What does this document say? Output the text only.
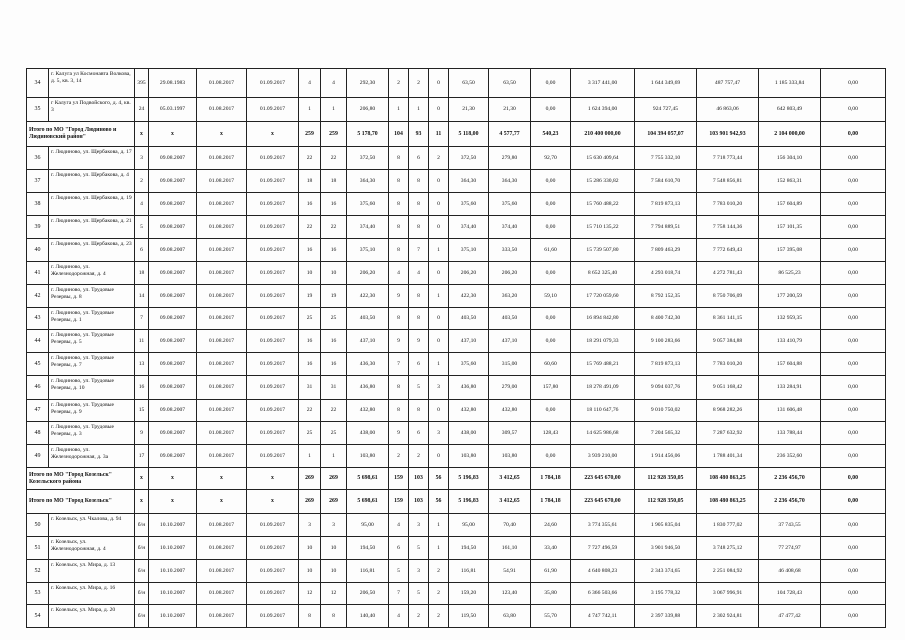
34	г. Калуга ул Космонавта Волкова, д. 5, кв. 3, 14	395	29.08.1983	01.08.2017	01.09.2017	4	4	292,30	2	2	0	63,50	63,50	0,00	3 317 441,00	1 644 349,69	487 757,47	1 185 333,84	0,00
35	г Калуга ул Подвойского, д. 4, кв. 3	24	05.03.1997	01.08.2017	01.09.2017	1	1	206,80	1	1	0	21,30	21,30	0,00	1 624 394,00	924 727,45	46 863,06	642 803,49	0,00
Итого по МО "Город Людиново и Людиновский район"		x	x	x	x	259	259	5 178,70	104	93	11	5 118,00	4 577,77	540,23	210 400 000,00	104 394 057,07	103 901 942,93	2 104 000,00	0,00
36	г. Людиново, ул. Щербакова, д. 17	3	09.08.2007	01.08.2017	01.09.2017	22	22	372,50	8	6	2	372,50	279,80	92,70	15 630 409,64	7 755 332,10	7 718 773,44	156 304,10	0,00
37	г. Людиново, ул. Щербакова, д. 4	2	09.08.2007	01.08.2017	01.09.2017	18	18	364,30	8	8	0	364,30	364,30	0,00	15 286 330,82	7 584 610,70	7 548 856,81	152 863,31	0,00
38	г. Людиново, ул. Щербакова, д. 19	4	09.08.2007	01.08.2017	01.09.2017	16	16	375,60	8	8	0	375,60	375,60	0,00	15 760 488,22	7 819 873,13	7 783 010,20	157 604,89	0,00
39	г. Людиново, ул. Щербакова, д. 21	5	09.08.2007	01.08.2017	01.09.2017	22	22	374,40	8	8	0	374,40	374,40	0,00	15 710 135,22	7 794 889,51	7 758 144,36	157 101,35	0,00
40	г. Людиново, ул. Щербакова, д. 23	6	09.08.2007	01.08.2017	01.09.2017	16	16	375,10	8	7	1	375,10	333,50	61,60	15 739 507,80	7 809 463,29	7 772 649,43	157 395,08	0,00
41	г. Людиново, ул. Железнодорожная, д. 4	18	09.08.2007	01.08.2017	01.09.2017	10	10	206,20	4	4	0	206,20	206,20	0,00	8 652 325,40	4 293 018,74	4 272 781,43	86 525,23	0,00
42	г. Людиново, ул. Трудовые Резервы, д. 8	14	09.08.2007	01.08.2017	01.09.2017	19	19	422,30	9	8	1	422,30	363,20	59,10	17 720 059,60	8 792 152,35	8 750 706,09	177 200,59	0,00
43	г. Людиново, ул. Трудовые Резервы, д. 1	7	09.08.2007	01.08.2017	01.09.2017	25	25	403,50	8	8	0	403,50	403,50	0,00	16 894 842,80	8 400 742,30	8 361 141,15	132 959,35	0,00
44	г. Людиново, ул. Трудовые Резервы, д. 5	11	09.08.2007	01.08.2017	01.09.2017	16	16	437,10	9	9	0	437,10	437,10	0,00	18 291 079,33	9 100 283,66	9 057 384,88	133 410,79	0,00
45	г. Людиново, ул. Трудовые Резервы, д. 7	13	09.08.2007	01.08.2017	01.09.2017	16	16	436,30	7	6	1	375,60	315,00	60,60	15 769 488,21	7 819 873,13	7 783 010,20	157 604,88	0,00
46	г. Людиново, ул. Трудовые Резервы, д. 10	16	09.08.2007	01.08.2017	01.09.2017	31	31	436,80	8	5	3	436,80	279,00	157,80	18 278 491,09	9 094 037,76	9 051 168,42	133 284,91	0,00
47	г. Людиново, ул. Трудовые Резервы, д. 9	15	09.08.2007	01.08.2017	01.09.2017	22	22	432,80	8	8	0	432,80	432,80	0,00	18 110 647,76	9 010 750,02	8 968 282,26	131 606,48	0,00
48	г. Людиново, ул. Трудовые Резервы, д. 3	9	09.08.2007	01.08.2017	01.09.2017	25	25	438,00	9	6	3	438,00	309,57	128,43	14 625 986,68	7 204 565,32	7 287 632,92	133 788,44	0,00
49	г. Людиново, ул. Железнодорожная, д. 3а	17	09.08.2007	01.08.2017	01.09.2017	1	1	103,80	2	2	0	103,80	103,80	0,00	3 939 210,00	1 914 456,06	1 788 401,34	236 352,60	0,00
Итого по МО "Город Козельск" Козельского района		x	x	x	x	269	269	5 698,61	159	103	56	5 196,83	3 412,65	1 784,18	223 645 670,00	112 928 350,05	108 480 863,25	2 236 456,70	0,00
Итого по МО "Город Козельск"		x	x	x	x	269	269	5 698,61	159	103	56	5 196,83	3 412,65	1 784,18	223 645 670,00	112 928 350,05	108 480 863,25	2 236 456,70	0,00
50	г. Козельск, ул. Чкалова, д. 94	б/н	10.10.2007	01.08.2017	01.09.2017	3	3	95,00	4	3	1	95,00	70,40	24,60	3 774 355,61	1 905 835,04	1 830 777,02	37 743,55	0,00
51	г. Козельск, ул. Железнодорожная, д. 4	б/н	10.10.2007	01.08.2017	01.09.2017	10	10	194,50	6	5	1	194,50	161,10	33,40	7 727 496,59	3 901 946,50	3 748 275,12	77 274,97	0,00
52	г. Козельск, ул. Мира, д. 13	б/н	10.10.2007	01.08.2017	01.09.2017	10	10	116,81	5	3	2	116,81	54,91	61,90	4 640 808,23	2 343 374,65	2 251 084,92	46 408,68	0,00
53	г. Козельск, ул. Мира, д. 16	б/н	10.10.2007	01.08.2017	01.09.2017	12	12	206,50	7	5	2	159,20	123,40	35,80	6 366 503,66	3 195 778,32	3 067 996,91	104 728,43	0,00
54	г. Козельск, ул. Мира, д. 20	б/н	10.10.2007	01.08.2017	01.09.2017	8	8	140,40	4	2	2	119,50	63,80	55,70	4 747 742,11	2 397 339,88	2 302 924,81	47 477,42	0,00
